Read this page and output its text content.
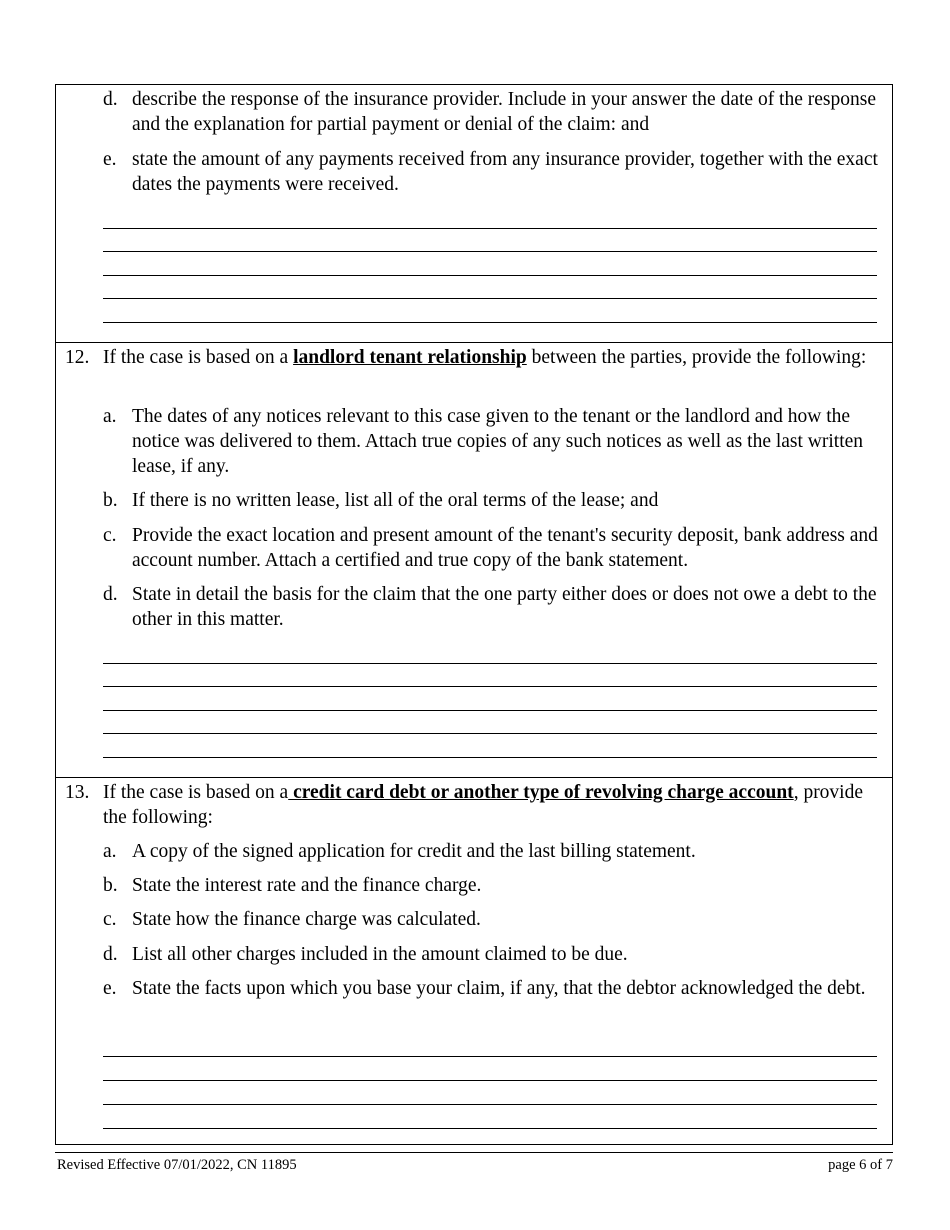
d. describe the response of the insurance provider. Include in your answer the date of the response and the explanation for partial payment or denial of the claim: and
e. state the amount of any payments received from any insurance provider, together with the exact dates the payments were received.
12. If the case is based on a landlord tenant relationship between the parties, provide the following:
a. The dates of any notices relevant to this case given to the tenant or the landlord and how the notice was delivered to them. Attach true copies of any such notices as well as the last written lease, if any.
b. If there is no written lease, list all of the oral terms of the lease; and
c. Provide the exact location and present amount of the tenant's security deposit, bank address and account number. Attach a certified and true copy of the bank statement.
d. State in detail the basis for the claim that the one party either does or does not owe a debt to the other in this matter.
13. If the case is based on a credit card debt or another type of revolving charge account, provide the following:
a. A copy of the signed application for credit and the last billing statement.
b. State the interest rate and the finance charge.
c. State how the finance charge was calculated.
d. List all other charges included in the amount claimed to be due.
e. State the facts upon which you base your claim, if any, that the debtor acknowledged the debt.
Revised Effective 07/01/2022, CN 11895	page 6 of 7
